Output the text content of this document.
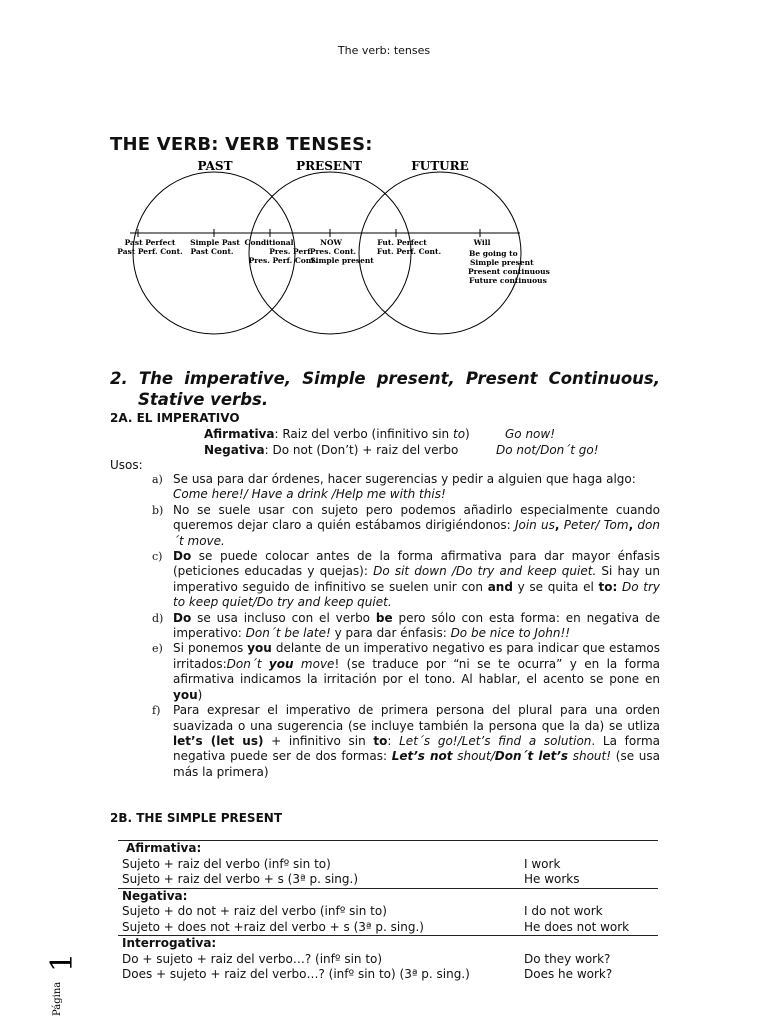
The verb: tenses
THE VERB: VERB TENSES:
PAST	PRESENT	FUTURE
Past Perfect
Past Perf. Cont.
Simple Past
Past Cont.
Conditional
Pres. Perf.
Pres. Perf. Cont.
NOW
Pres. Cont.
Simple present
Fut. Perfect
Fut. Perf. Cont.
Will
Be going to
Simple present
Present continuous
Future continuous
2. The imperative, Simple present, Present Continuous,
Stative verbs.
2A. EL IMPERATIVO
Afirmativa: Raiz del verbo (infinitivo sin to)	Go now!
Negativa: Do not (Don’t) + raiz del verbo	Do not/Don´t go!
Usos:
a) Se usa para dar órdenes, hacer sugerencias y pedir a alguien que haga algo:
Come here!/ Have a drink /Help me with this!
b) No se suele usar con sujeto pero podemos añadirlo especialmente cuando queremos dejar claro a quién estábamos dirigiéndonos: Join us, Peter/ Tom, don´t move.
c) Do se puede colocar antes de la forma afirmativa para dar mayor énfasis (peticiones educadas y quejas): Do sit down /Do try and keep quiet. Si hay un imperativo seguido de infinitivo se suelen unir con and y se quita el to: Do try to keep quiet/Do try and keep quiet.
d) Do se usa incluso con el verbo be pero sólo con esta forma: en negativa de imperativo: Don´t be late! y para dar énfasis: Do be nice to John!!
e) Si ponemos you delante de un imperativo negativo es para indicar que estamos irritados:Don´t you move! (se traduce por “ni se te ocurra” y en la forma afirmativa indicamos la irritación por el tono. Al hablar, el acento se pone en you)
f)	Para expresar el imperativo de primera persona del plural para una orden suavizada o una sugerencia (se incluye también la persona que la da) se utliza let’s (let us) + infinitivo sin to: Let´s go!/Let’s find a solution. La forma negativa puede ser de dos formas: Let’s not shout/Don´t let’s shout! (se usa más la primera)
2B. THE SIMPLE PRESENT
Afirmativa:	
Sujeto + raiz del verbo (infº sin to)	I work
Sujeto + raiz del verbo + s (3ª p. sing.)	He works
Negativa:	
Sujeto + do not + raiz del verbo (infº sin to)	I do not work
Sujeto + does not +raiz del verbo + s (3ª p. sing.)	He does not work
Interrogativa:	
Do + sujeto + raiz del verbo…? (infº sin to)	Do they work?
Does + sujeto + raiz del verbo…? (infº sin to) (3ª p. sing.)	Does he work?
Página
1
